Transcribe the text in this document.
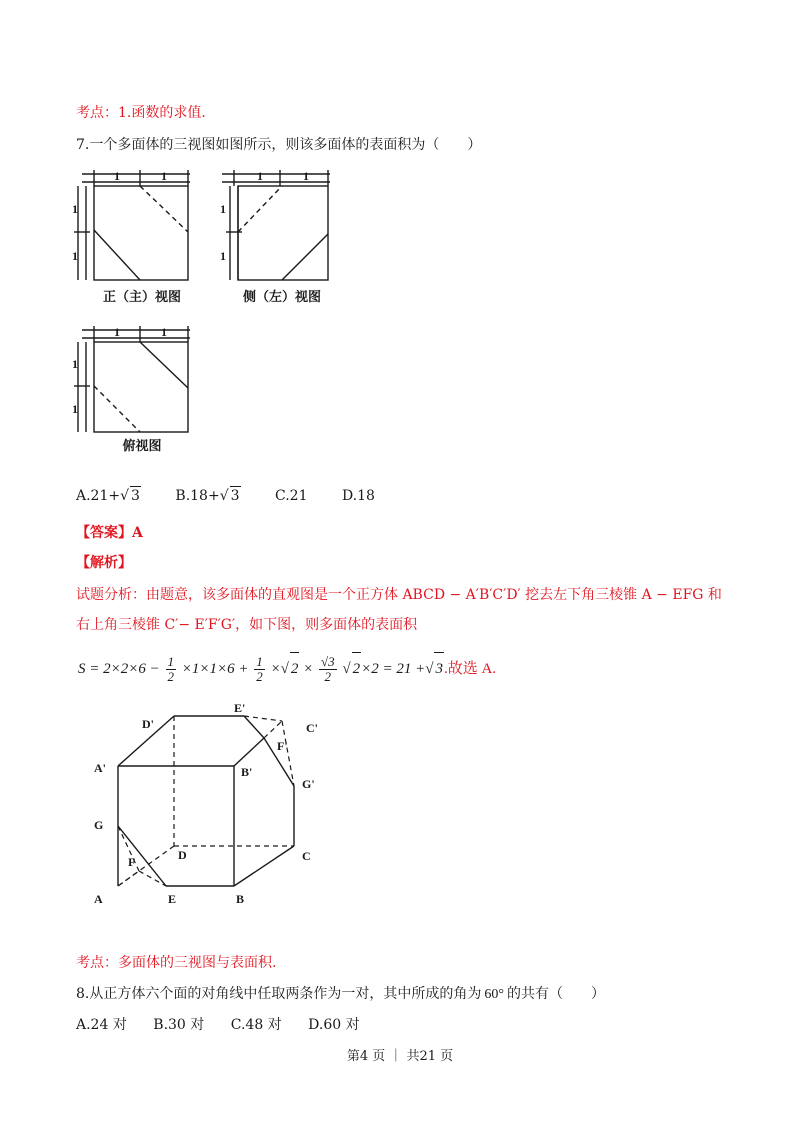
考点：1.函数的求值.
7.一个多面体的三视图如图所示，则该多面体的表面积为（　　）
1	1
1
1
1	1
1
1
1	1
1
1
正（主）视图	侧（左）视图
俯视图
A.21+√ 3	B.18+√ 3	C.21 D.18
【答案】A
【解析】
试题分析：由题意，该多面体的直观图是一个正方体 ABCD − A′B′C′D′ 挖去左下角三棱锥 A − EFG 和
右上角三棱锥 C′− E′F′G′，如下图，则多面体的表面积
$S = 2\times 2\times 6 - \frac{1}{2} \times 1\times 1\times 6 + \frac{1}{2}$ ×√ $2 \times \frac{√3}{2}$ √ 2×2 = 21 +√ 3.故选 A.
D'
E'
C'
F'
A'	B'
G'
G
F	D	C
A	E	B
考点：多面体的三视图与表面积.
8.从正方体六个面的对角线中任取两条作为一对，其中所成的角为 60° 的共有（　　）
A.24 对 B.30 对 C.48 对 D.60 对
第4 页 ｜ 共21 页
